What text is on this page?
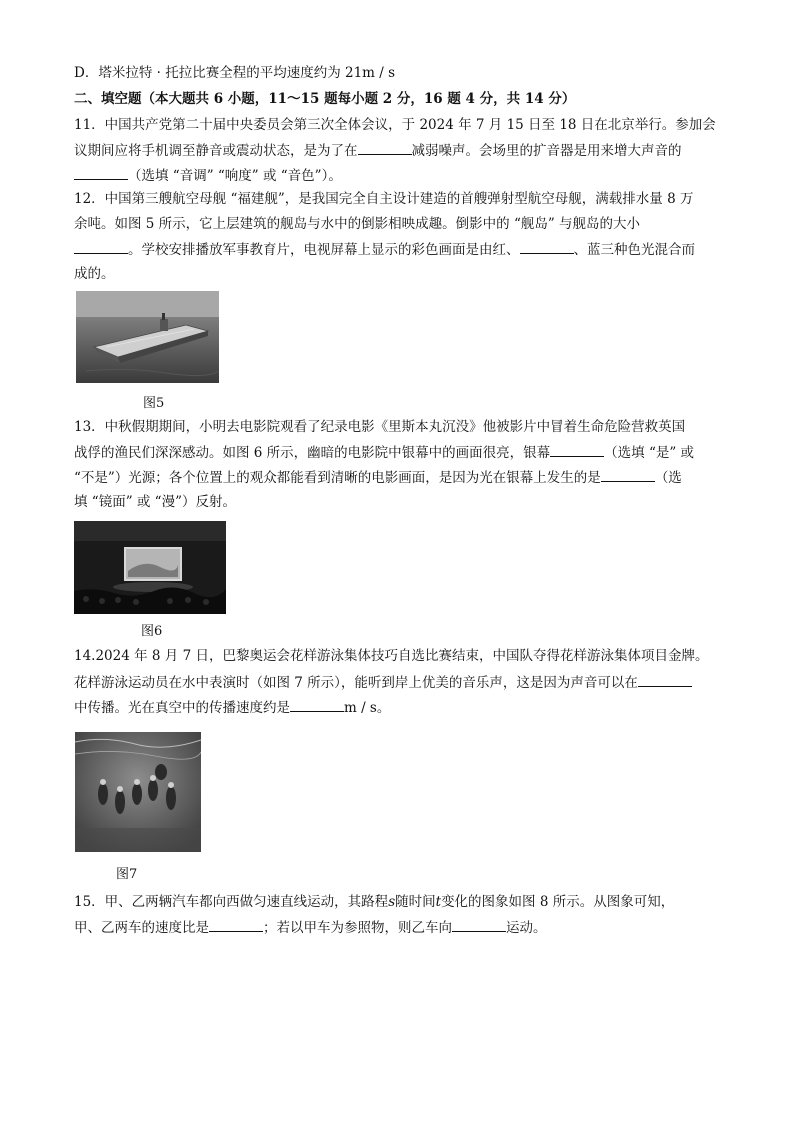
D．塔米拉特 · 托拉比赛全程的平均速度约为 21m / s
二、填空题（本大题共 6 小题，11～15 题每小题 2 分，16 题 4 分，共 14 分）
11．中国共产党第二十届中央委员会第三次全体会议，于 2024 年 7 月 15 日至 18 日在北京举行。参加会
议期间应将手机调至静音或震动状态，是为了在	减弱噪声。会场里的扩音器是用来增大声音的
（选填 “音调” “响度” 或 “音色”）。
12．中国第三艘航空母舰 “福建舰”，是我国完全自主设计建造的首艘弹射型航空母舰，满载排水量 8 万
余吨。如图 5 所示，它上层建筑的舰岛与水中的倒影相映成趣。倒影中的 “舰岛” 与舰岛的大小
。学校安排播放军事教育片，电视屏幕上显示的彩色画面是由红、	、蓝三种色光混合而
成的。
图5
13．中秋假期期间，小明去电影院观看了纪录电影《里斯本丸沉没》他被影片中冒着生命危险营救英国
战俘的渔民们深深感动。如图 6 所示，幽暗的电影院中银幕中的画面很亮，银幕	（选填 “是” 或
“不是”）光源；各个位置上的观众都能看到清晰的电影画面，是因为光在银幕上发生的是	（选
填 “镜面” 或 “漫”）反射。
图6
14.2024 年 8 月 7 日，巴黎奥运会花样游泳集体技巧自选比赛结束，中国队夺得花样游泳集体项目金牌。
花样游泳运动员在水中表演时（如图 7 所示），能听到岸上优美的音乐声，这是因为声音可以在
中传播。光在真空中的传播速度约是	m / s。
图7
15．甲、乙两辆汽车都向西做匀速直线运动，其路程s随时间t变化的图象如图 8 所示。从图象可知，
甲、乙两车的速度比是	；若以甲车为参照物，则乙车向	运动。
